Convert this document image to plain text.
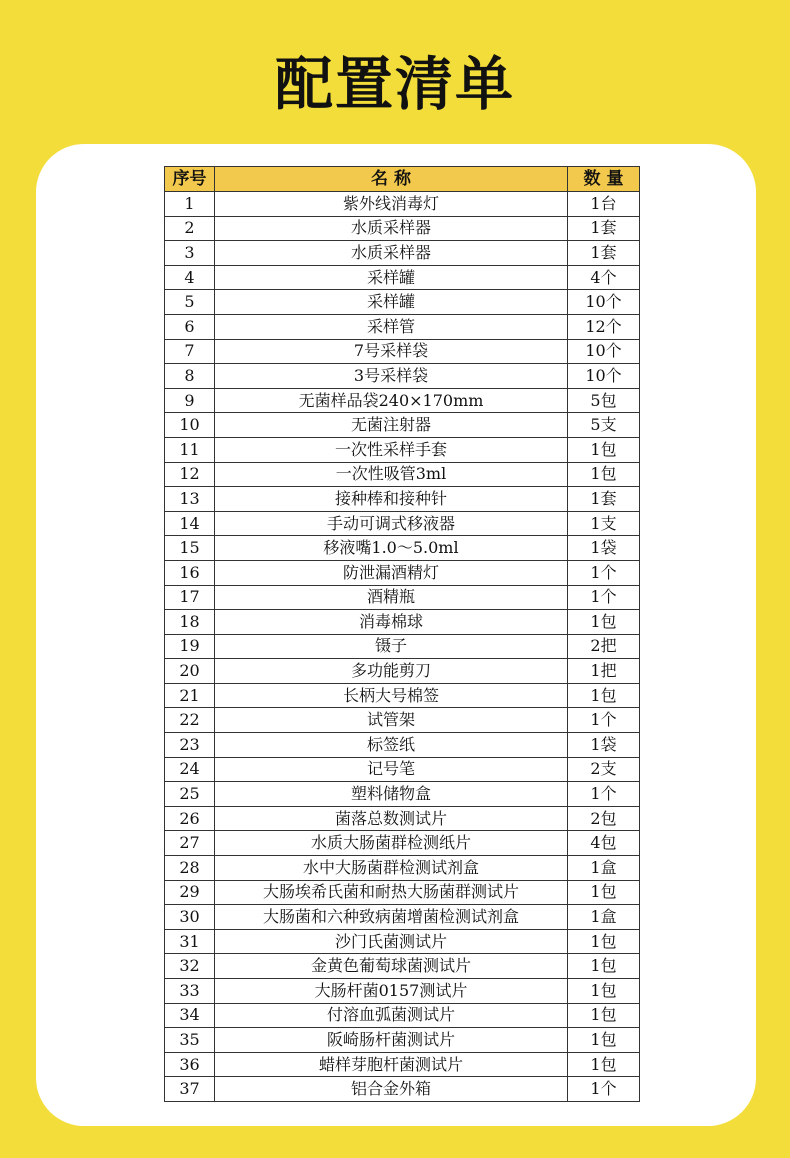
配置清单
序号	名 称	数 量
1	紫外线消毒灯	1台
2	水质采样器	1套
3	水质采样器	1套
4	采样罐	4个
5	采样罐	10个
6	采样管	12个
7	7号采样袋	10个
8	3号采样袋	10个
9	无菌样品袋240×170mm	5包
10	无菌注射器	5支
11	一次性采样手套	1包
12	一次性吸管3ml	1包
13	接种棒和接种针	1套
14	手动可调式移液器	1支
15	移液嘴1.0～5.0ml	1袋
16	防泄漏酒精灯	1个
17	酒精瓶	1个
18	消毒棉球	1包
19	镊子	2把
20	多功能剪刀	1把
21	长柄大号棉签	1包
22	试管架	1个
23	标签纸	1袋
24	记号笔	2支
25	塑料储物盒	1个
26	菌落总数测试片	2包
27	水质大肠菌群检测纸片	4包
28	水中大肠菌群检测试剂盒	1盒
29	大肠埃希氏菌和耐热大肠菌群测试片	1包
30	大肠菌和六种致病菌增菌检测试剂盒	1盒
31	沙门氏菌测试片	1包
32	金黄色葡萄球菌测试片	1包
33	大肠杆菌0157测试片	1包
34	付溶血弧菌测试片	1包
35	阪崎肠杆菌测试片	1包
36	蜡样芽胞杆菌测试片	1包
37	铝合金外箱	1个
